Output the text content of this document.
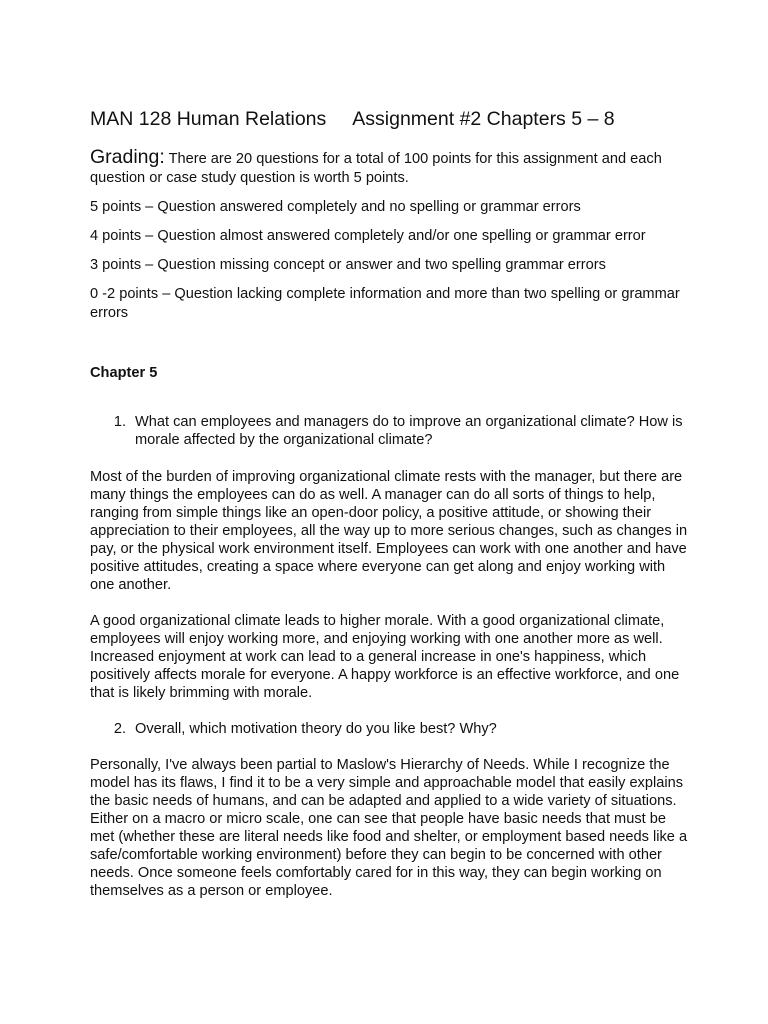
MAN 128 Human Relations Assignment #2 Chapters 5 – 8
Grading: There are 20 questions for a total of 100 points for this assignment and each question or case study question is worth 5 points.
5 points – Question answered completely and no spelling or grammar errors
4 points – Question almost answered completely and/or one spelling or grammar error
3 points – Question missing concept or answer and two spelling grammar errors
0 -2 points – Question lacking complete information and more than two spelling or grammar errors
Chapter 5
1. What can employees and managers do to improve an organizational climate? How is morale affected by the organizational climate?
Most of the burden of improving organizational climate rests with the manager, but there are many things the employees can do as well. A manager can do all sorts of things to help, ranging from simple things like an open-door policy, a positive attitude, or showing their appreciation to their employees, all the way up to more serious changes, such as changes in pay, or the physical work environment itself. Employees can work with one another and have positive attitudes, creating a space where everyone can get along and enjoy working with one another.
A good organizational climate leads to higher morale. With a good organizational climate, employees will enjoy working more, and enjoying working with one another more as well. Increased enjoyment at work can lead to a general increase in one's happiness, which positively affects morale for everyone. A happy workforce is an effective workforce, and one that is likely brimming with morale.
2. Overall, which motivation theory do you like best? Why?
Personally, I've always been partial to Maslow's Hierarchy of Needs. While I recognize the model has its flaws, I find it to be a very simple and approachable model that easily explains the basic needs of humans, and can be adapted and applied to a wide variety of situations. Either on a macro or micro scale, one can see that people have basic needs that must be met (whether these are literal needs like food and shelter, or employment based needs like a safe/comfortable working environment) before they can begin to be concerned with other needs. Once someone feels comfortably cared for in this way, they can begin working on themselves as a person or employee.
